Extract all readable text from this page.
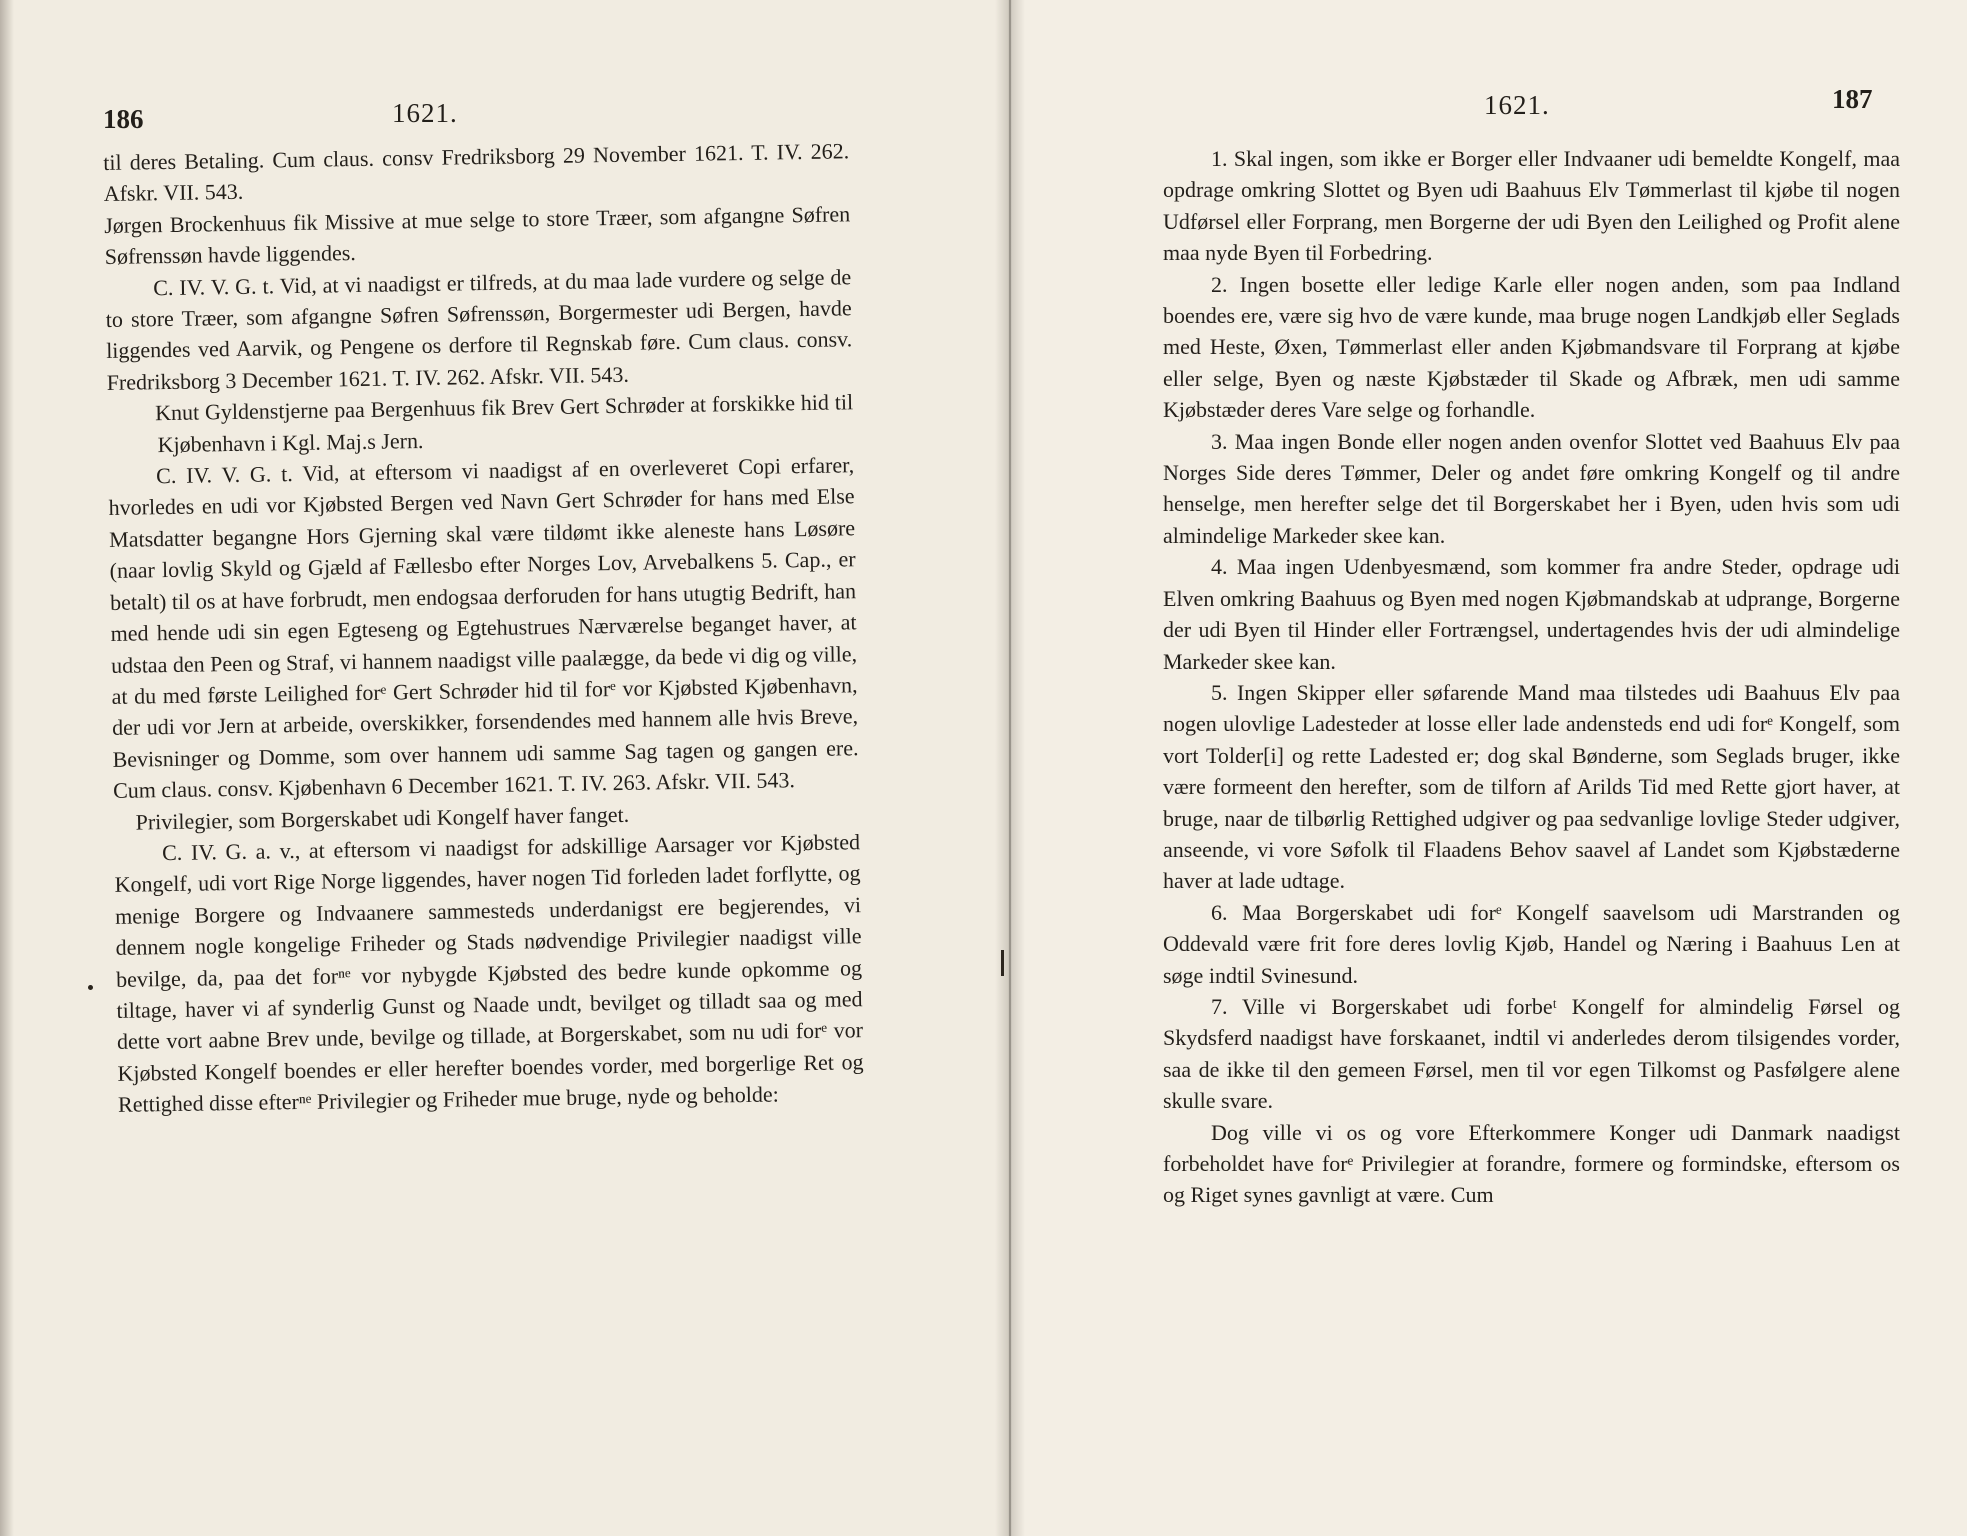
186	1621.

til deres Betaling. Cum claus. consv Fredriksborg 29 November 1621. T. IV. 262. Afskr. VII. 543.

Jørgen Brockenhuus fik Missive at mue selge to store Træer, som afgangne Søfren Søfrenssøn havde liggendes.

C. IV. V. G. t. Vid, at vi naadigst er tilfreds, at du maa lade vurdere og selge de to store Træer, som afgangne Søfren Søfrenssøn, Borgermester udi Bergen, havde liggendes ved Aarvik, og Pengene os derfore til Regnskab føre. Cum claus. consv. Fredriksborg 3 December 1621. T. IV. 262. Afskr. VII. 543.

Knut Gyldenstjerne paa Bergenhuus fik Brev Gert Schrøder at forskikke hid til Kjøbenhavn i Kgl. Maj.s Jern.

C. IV. V. G. t. Vid, at eftersom vi naadigst af en overleveret Copi erfarer, hvorledes en udi vor Kjøbsted Bergen ved Navn Gert Schrøder for hans med Else Matsdatter begangne Hors Gjerning skal være tildømt ikke aleneste hans Løsøre (naar lovlig Skyld og Gjæld af Fællesbo efter Norges Lov, Arvebalkens 5. Cap., er betalt) til os at have forbrudt, men endogsaa derforuden for hans utugtig Bedrift, han med hende udi sin egen Egteseng og Egtehustrues Nærværelse beganget haver, at udstaa den Peen og Straf, vi hannem naadigst ville paalægge, da bede vi dig og ville, at du med første Leilighed forᵉ Gert Schrøder hid til forᵉ vor Kjøbsted Kjøbenhavn, der udi vor Jern at arbeide, overskikker, forsendendes med hannem alle hvis Breve, Bevisninger og Domme, som over hannem udi samme Sag tagen og gangen ere. Cum claus. consv. Kjøbenhavn 6 December 1621. T. IV. 263. Afskr. VII. 543.

Privilegier, som Borgerskabet udi Kongelf haver fanget.

C. IV. G. a. v., at eftersom vi naadigst for adskillige Aarsager vor Kjøbsted Kongelf, udi vort Rige Norge liggendes, haver nogen Tid forleden ladet forflytte, og menige Borgere og Indvaanere sammesteds underdanigst ere begjerendes, vi dennem nogle kongelige Friheder og Stads nødvendige Privilegier naadigst ville bevilge, da, paa det forⁿᵉ vor nybygde Kjøbsted des bedre kunde opkomme og tiltage, haver vi af synderlig Gunst og Naade undt, bevilget og tilladt saa og med dette vort aabne Brev unde, bevilge og tillade, at Borgerskabet, som nu udi forᵉ vor Kjøbsted Kongelf boendes er eller herefter boendes vorder, med borgerlige Ret og Rettighed disse efterⁿᵉ Privilegier og Friheder mue bruge, nyde og beholde:

1621.	187

1. Skal ingen, som ikke er Borger eller Indvaaner udi bemeldte Kongelf, maa opdrage omkring Slottet og Byen udi Baahuus Elv Tømmerlast til kjøbe til nogen Udførsel eller Forprang, men Borgerne der udi Byen den Leilighed og Profit alene maa nyde Byen til Forbedring.

2. Ingen bosette eller ledige Karle eller nogen anden, som paa Indland boendes ere, være sig hvo de være kunde, maa bruge nogen Landkjøb eller Seglads med Heste, Øxen, Tømmerlast eller anden Kjøbmandsvare til Forprang at kjøbe eller selge, Byen og næste Kjøbstæder til Skade og Afbræk, men udi samme Kjøbstæder deres Vare selge og forhandle.

3. Maa ingen Bonde eller nogen anden ovenfor Slottet ved Baahuus Elv paa Norges Side deres Tømmer, Deler og andet føre omkring Kongelf og til andre henselge, men herefter selge det til Borgerskabet her i Byen, uden hvis som udi almindelige Markeder skee kan.

4. Maa ingen Udenbyesmænd, som kommer fra andre Steder, opdrage udi Elven omkring Baahuus og Byen med nogen Kjøbmandskab at udprange, Borgerne der udi Byen til Hinder eller Fortrængsel, undertagendes hvis der udi almindelige Markeder skee kan.

5. Ingen Skipper eller søfarende Mand maa tilstedes udi Baahuus Elv paa nogen ulovlige Ladesteder at losse eller lade andensteds end udi forᵉ Kongelf, som vort Tolder[i] og rette Ladested er; dog skal Bønderne, som Seglads bruger, ikke være formeent den herefter, som de tilforn af Arilds Tid med Rette gjort haver, at bruge, naar de tilbørlig Rettighed udgiver og paa sedvanlige lovlige Steder udgiver, anseende, vi vore Søfolk til Flaadens Behov saavel af Landet som Kjøbstæderne haver at lade udtage.

6. Maa Borgerskabet udi forᵉ Kongelf saavelsom udi Marstranden og Oddevald være frit fore deres lovlig Kjøb, Handel og Næring i Baahuus Len at søge indtil Svinesund.

7. Ville vi Borgerskabet udi forbeᵗ Kongelf for almindelig Førsel og Skydsferd naadigst have forskaanet, indtil vi anderledes derom tilsigendes vorder, saa de ikke til den gemeen Førsel, men til vor egen Tilkomst og Pasfølgere alene skulle svare.

Dog ville vi os og vore Efterkommere Konger udi Danmark naadigst forbeholdet have forᵉ Privilegier at forandre, formere og formindske, eftersom os og Riget synes gavnligt at være. Cum
